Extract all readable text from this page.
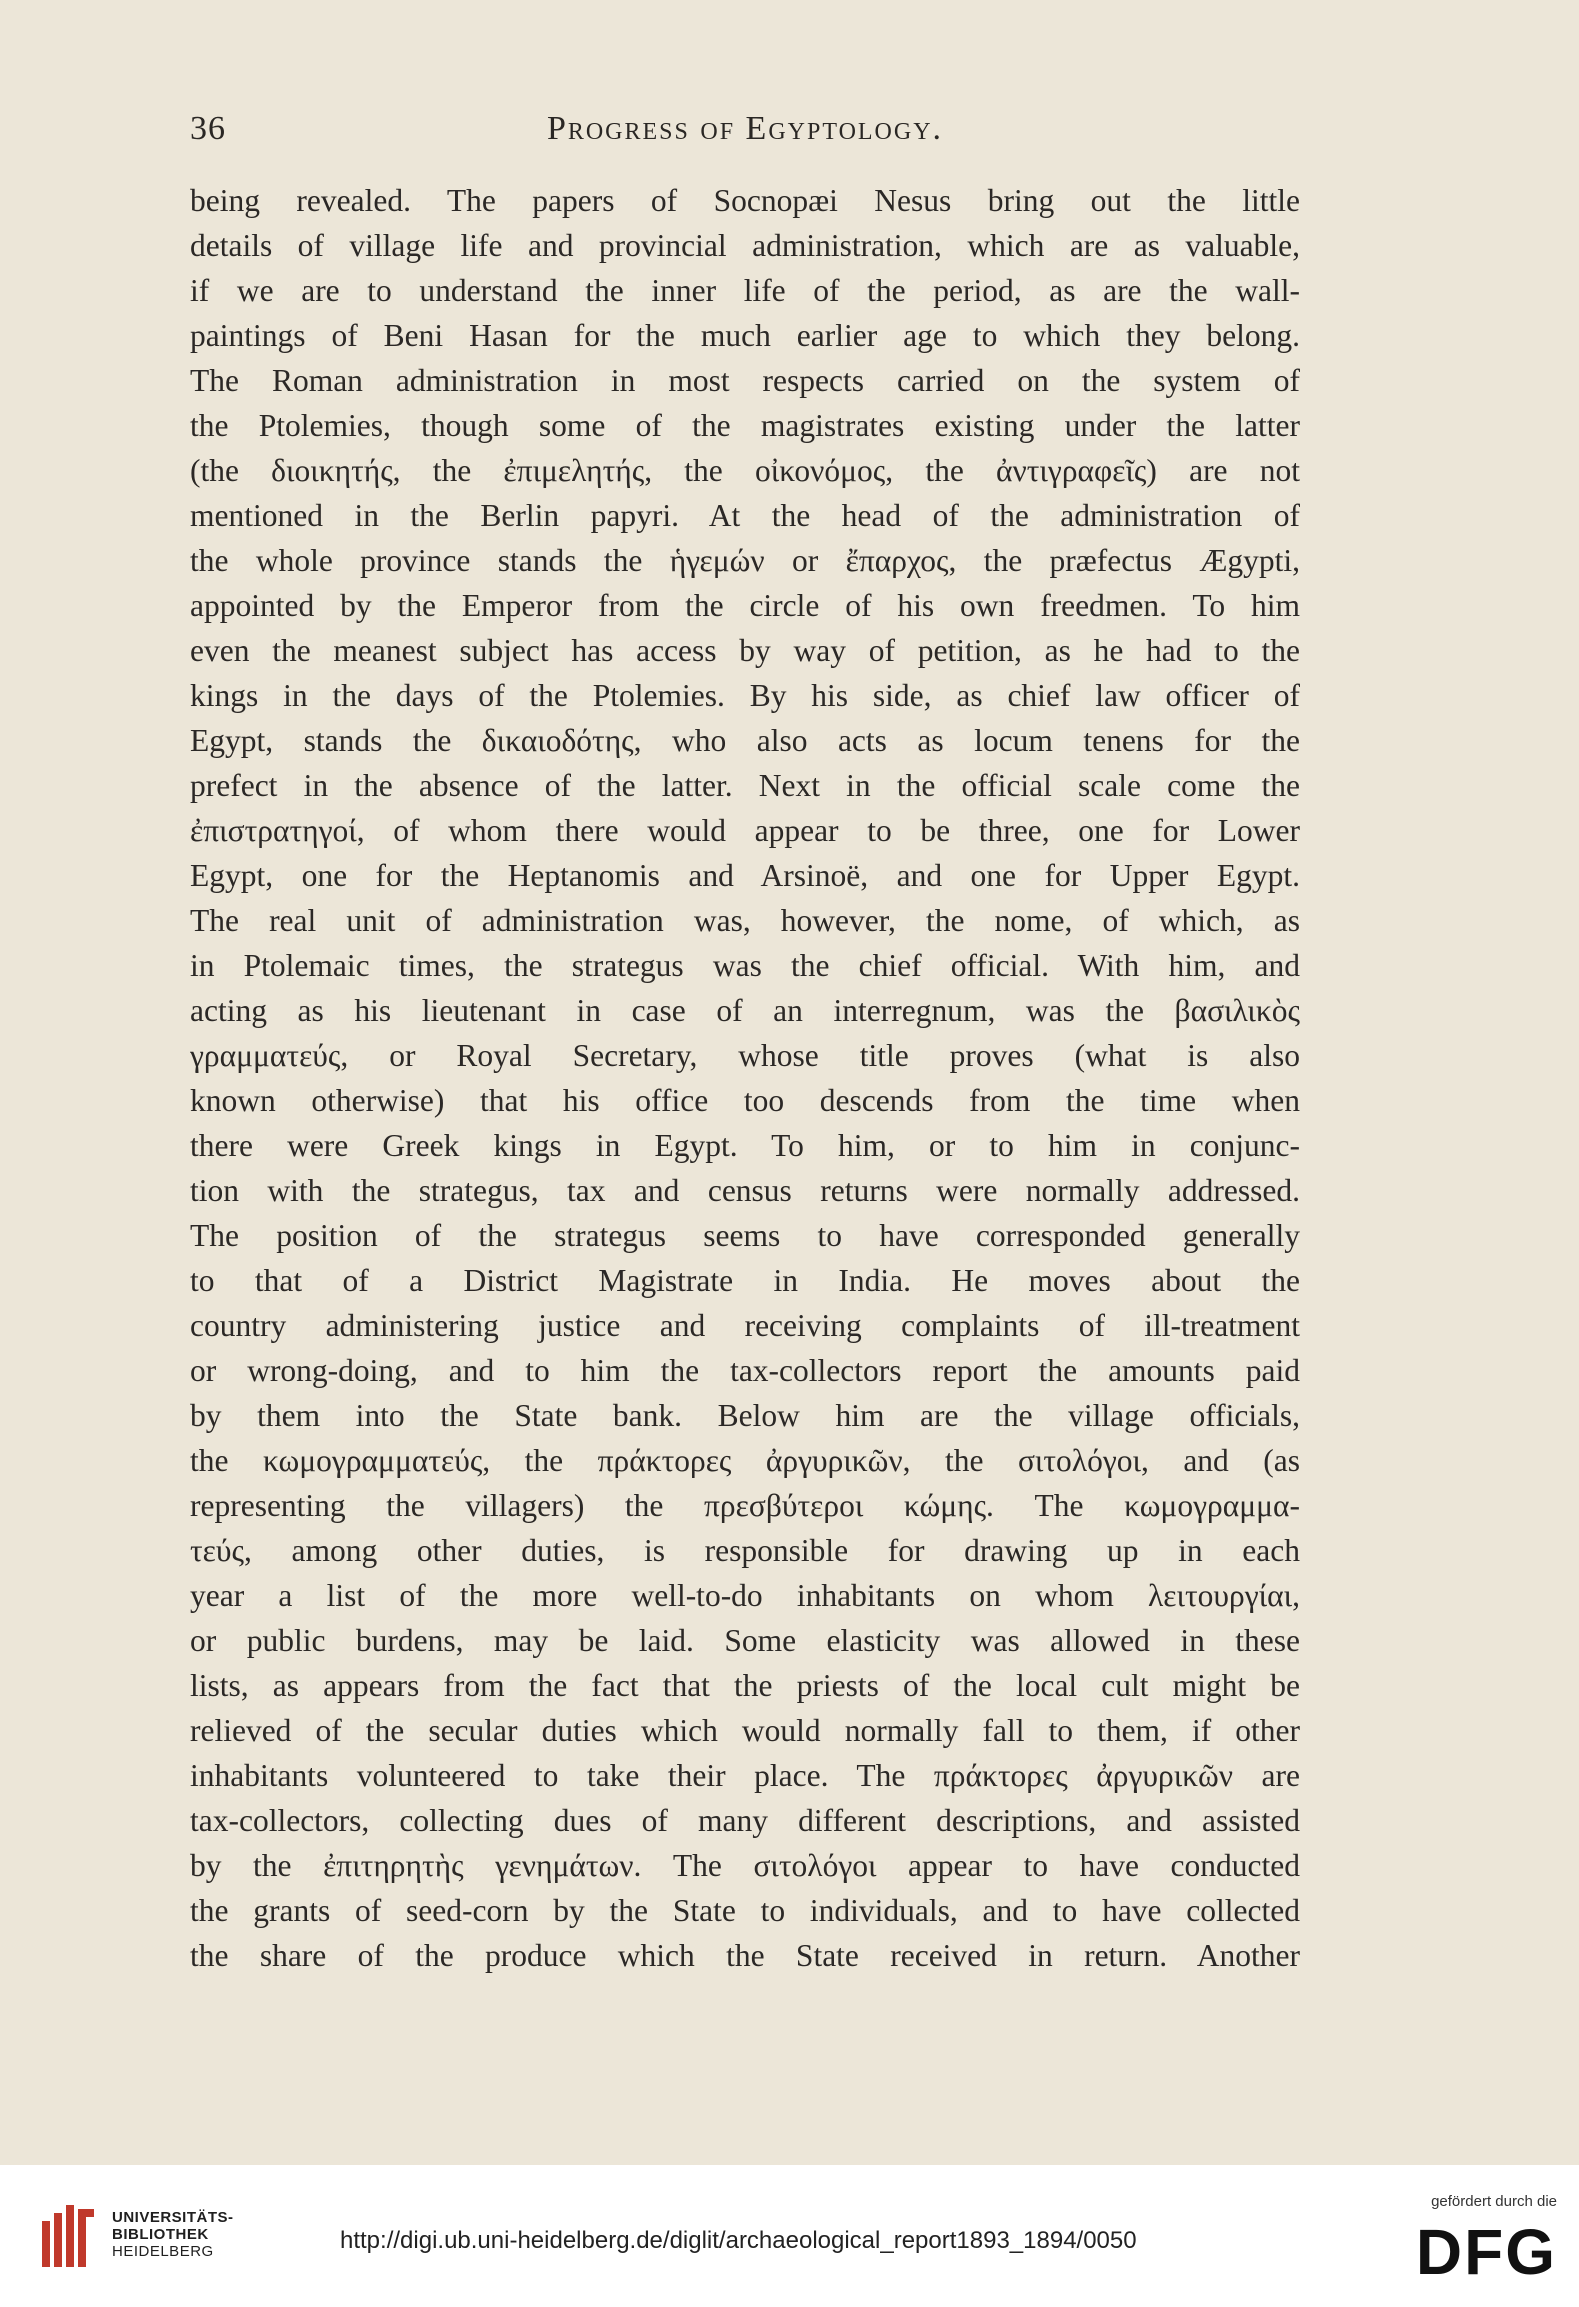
36	Progress of Egyptology.
being revealed. The papers of Socnopæi Nesus bring out the little
details of village life and provincial administration, which are as valuable,
if we are to understand the inner life of the period, as are the wall-
paintings of Beni Hasan for the much earlier age to which they belong.
The Roman administration in most respects carried on the system of
the Ptolemies, though some of the magistrates existing under the latter
(the διοικητής, the ἐπιμελητής, the οἰκονόμος, the ἀντιγραφεῖς) are not
mentioned in the Berlin papyri. At the head of the administration of
the whole province stands the ἡγεμών or ἔπαρχος, the præfectus Ægypti,
appointed by the Emperor from the circle of his own freedmen. To him
even the meanest subject has access by way of petition, as he had to the
kings in the days of the Ptolemies. By his side, as chief law officer of
Egypt, stands the δικαιοδότης, who also acts as locum tenens for the
prefect in the absence of the latter. Next in the official scale come the
ἐπιστρατηγοί, of whom there would appear to be three, one for Lower
Egypt, one for the Heptanomis and Arsinoë, and one for Upper Egypt.
The real unit of administration was, however, the nome, of which, as
in Ptolemaic times, the strategus was the chief official. With him, and
acting as his lieutenant in case of an interregnum, was the βασιλικὸς
γραμματεύς, or Royal Secretary, whose title proves (what is also
known otherwise) that his office too descends from the time when
there were Greek kings in Egypt. To him, or to him in conjunc-
tion with the strategus, tax and census returns were normally addressed.
The position of the strategus seems to have corresponded generally
to that of a District Magistrate in India. He moves about the
country administering justice and receiving complaints of ill-treatment
or wrong-doing, and to him the tax-collectors report the amounts paid
by them into the State bank. Below him are the village officials,
the κωμογραμματεύς, the πράκτορες ἀργυρικῶν, the σιτολόγοι, and (as
representing the villagers) the πρεσβύτεροι κώμης. The κωμογραμμα-
τεύς, among other duties, is responsible for drawing up in each
year a list of the more well-to-do inhabitants on whom λειτουργίαι,
or public burdens, may be laid. Some elasticity was allowed in these
lists, as appears from the fact that the priests of the local cult might be
relieved of the secular duties which would normally fall to them, if other
inhabitants volunteered to take their place. The πράκτορες ἀργυρικῶν are
tax-collectors, collecting dues of many different descriptions, and assisted
by the ἐπιτηρητὴς γενημάτων. The σιτολόγοι appear to have conducted
the grants of seed-corn by the State to individuals, and to have collected
the share of the produce which the State received in return. Another
UNIVERSITÄTS-
BIBLIOTHEK
HEIDELBERG	http://digi.ub.uni-heidelberg.de/diglit/archaeological_report1893_1894/0050
gefördert durch die
DFG
